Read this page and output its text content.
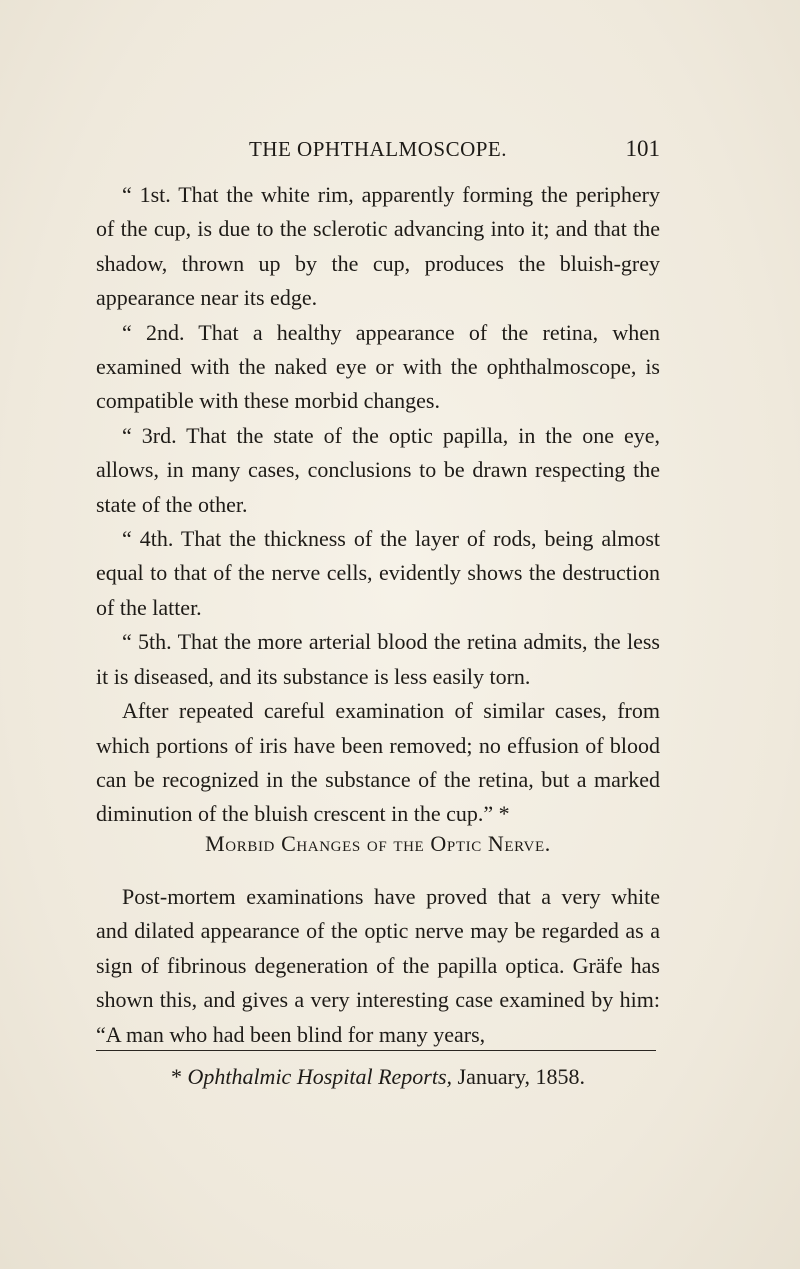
THE OPHTHALMOSCOPE.	101

“ 1st. That the white rim, apparently forming the periphery of the cup, is due to the sclerotic advancing into it; and that the shadow, thrown up by the cup, produces the bluish-grey appearance near its edge.

“ 2nd. That a healthy appearance of the retina, when examined with the naked eye or with the ophthalmoscope, is compatible with these morbid changes.

“ 3rd. That the state of the optic papilla, in the one eye, allows, in many cases, conclusions to be drawn respecting the state of the other.

“ 4th. That the thickness of the layer of rods, being almost equal to that of the nerve cells, evidently shows the destruction of the latter.

“ 5th. That the more arterial blood the retina admits, the less it is diseased, and its substance is less easily torn.

After repeated careful examination of similar cases, from which portions of iris have been removed; no effusion of blood can be recognized in the substance of the retina, but a marked diminution of the bluish crescent in the cup.” *

Morbid Changes of the Optic Nerve.

Post-mortem examinations have proved that a very white and dilated appearance of the optic nerve may be regarded as a sign of fibrinous degeneration of the papilla optica. Gräfe has shown this, and gives a very interesting case examined by him: “A man who had been blind for many years,

* Ophthalmic Hospital Reports, January, 1858.
